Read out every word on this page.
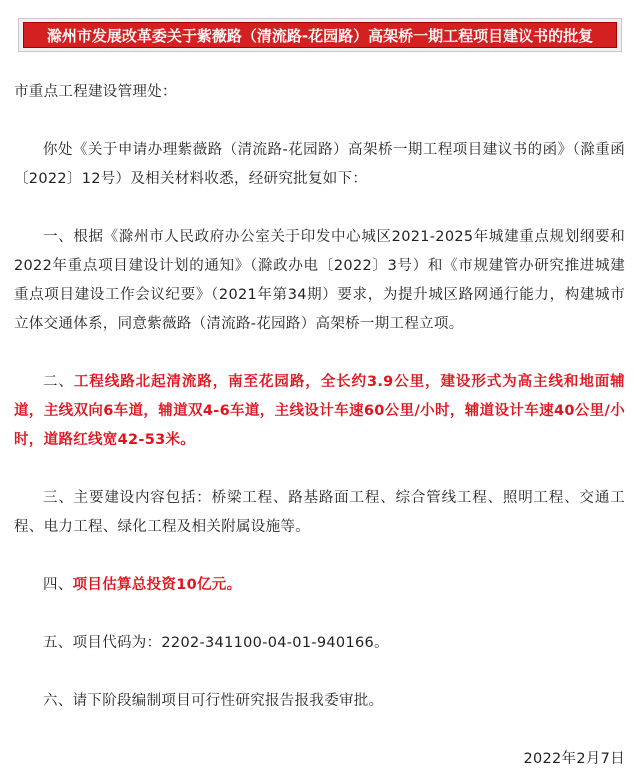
滁州市发展改革委关于紫薇路（清流路-花园路）高架桥一期工程项目建议书的批复

市重点工程建设管理处：

你处《关于申请办理紫薇路（清流路-花园路）高架桥一期工程项目建议书的函》（滁重函〔2022〕12号）及相关材料收悉，经研究批复如下：

一、根据《滁州市人民政府办公室关于印发中心城区2021-2025年城建重点规划纲要和2022年重点项目建设计划的通知》（滁政办电〔2022〕3号）和《市规建管办研究推进城建重点项目建设工作会议纪要》（2021年第34期）要求，为提升城区路网通行能力，构建城市立体交通体系，同意紫薇路（清流路-花园路）高架桥一期工程立项。

二、工程线路北起清流路，南至花园路，全长约3.9公里，建设形式为高主线和地面辅道，主线双向6车道，辅道双4-6车道，主线设计车速60公里/小时，辅道设计车速40公里/小时，道路红线宽42-53米。

三、主要建设内容包括：桥梁工程、路基路面工程、综合管线工程、照明工程、交通工程、电力工程、绿化工程及相关附属设施等。

四、项目估算总投资10亿元。

五、项目代码为：2202-341100-04-01-940166。

六、请下阶段编制项目可行性研究报告报我委审批。

2022年2月7日
